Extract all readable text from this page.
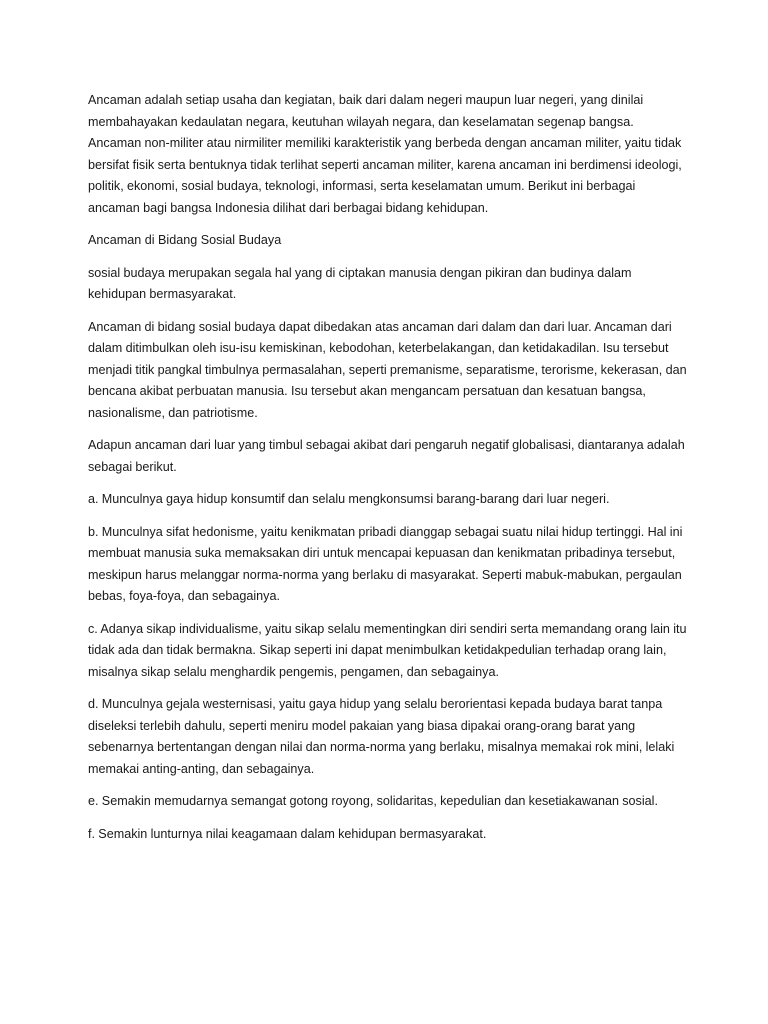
Ancaman adalah setiap usaha dan kegiatan, baik dari dalam negeri maupun luar negeri, yang dinilai membahayakan kedaulatan negara, keutuhan wilayah negara, dan keselamatan segenap bangsa. Ancaman non-militer atau nirmiliter memiliki karakteristik yang berbeda dengan ancaman militer, yaitu tidak bersifat fisik serta bentuknya tidak terlihat seperti ancaman militer, karena ancaman ini berdimensi ideologi, politik, ekonomi, sosial budaya, teknologi, informasi, serta keselamatan umum. Berikut ini berbagai ancaman bagi bangsa Indonesia dilihat dari berbagai bidang kehidupan.

Ancaman di Bidang Sosial Budaya

sosial budaya merupakan segala hal yang di ciptakan manusia dengan pikiran dan budinya dalam kehidupan bermasyarakat.

Ancaman di bidang sosial budaya dapat dibedakan atas ancaman dari dalam dan dari luar. Ancaman dari dalam ditimbulkan oleh isu-isu kemiskinan, kebodohan, keterbelakangan, dan ketidakadilan. Isu tersebut menjadi titik pangkal timbulnya permasalahan, seperti premanisme, separatisme, terorisme, kekerasan, dan bencana akibat perbuatan manusia. Isu tersebut akan mengancam persatuan dan kesatuan bangsa, nasionalisme, dan patriotisme.

Adapun ancaman dari luar yang timbul sebagai akibat dari pengaruh negatif globalisasi, diantaranya adalah sebagai berikut.

a. Munculnya gaya hidup konsumtif dan selalu mengkonsumsi barang-barang dari luar negeri.

b. Munculnya sifat hedonisme, yaitu kenikmatan pribadi dianggap sebagai suatu nilai hidup tertinggi. Hal ini membuat manusia suka memaksakan diri untuk mencapai kepuasan dan kenikmatan pribadinya tersebut, meskipun harus melanggar norma-norma yang berlaku di masyarakat. Seperti mabuk-mabukan, pergaulan bebas, foya-foya, dan sebagainya.

c. Adanya sikap individualisme, yaitu sikap selalu mementingkan diri sendiri serta memandang orang lain itu tidak ada dan tidak bermakna. Sikap seperti ini dapat menimbulkan ketidakpedulian terhadap orang lain, misalnya sikap selalu menghardik pengemis, pengamen, dan sebagainya.

d. Munculnya gejala westernisasi, yaitu gaya hidup yang selalu berorientasi kepada budaya barat tanpa diseleksi terlebih dahulu, seperti meniru model pakaian yang biasa dipakai orang-orang barat yang sebenarnya bertentangan dengan nilai dan norma-norma yang berlaku, misalnya memakai rok mini, lelaki memakai anting-anting, dan sebagainya.

e. Semakin memudarnya semangat gotong royong, solidaritas, kepedulian dan kesetiakawanan sosial.

f. Semakin lunturnya nilai keagamaan dalam kehidupan bermasyarakat.
